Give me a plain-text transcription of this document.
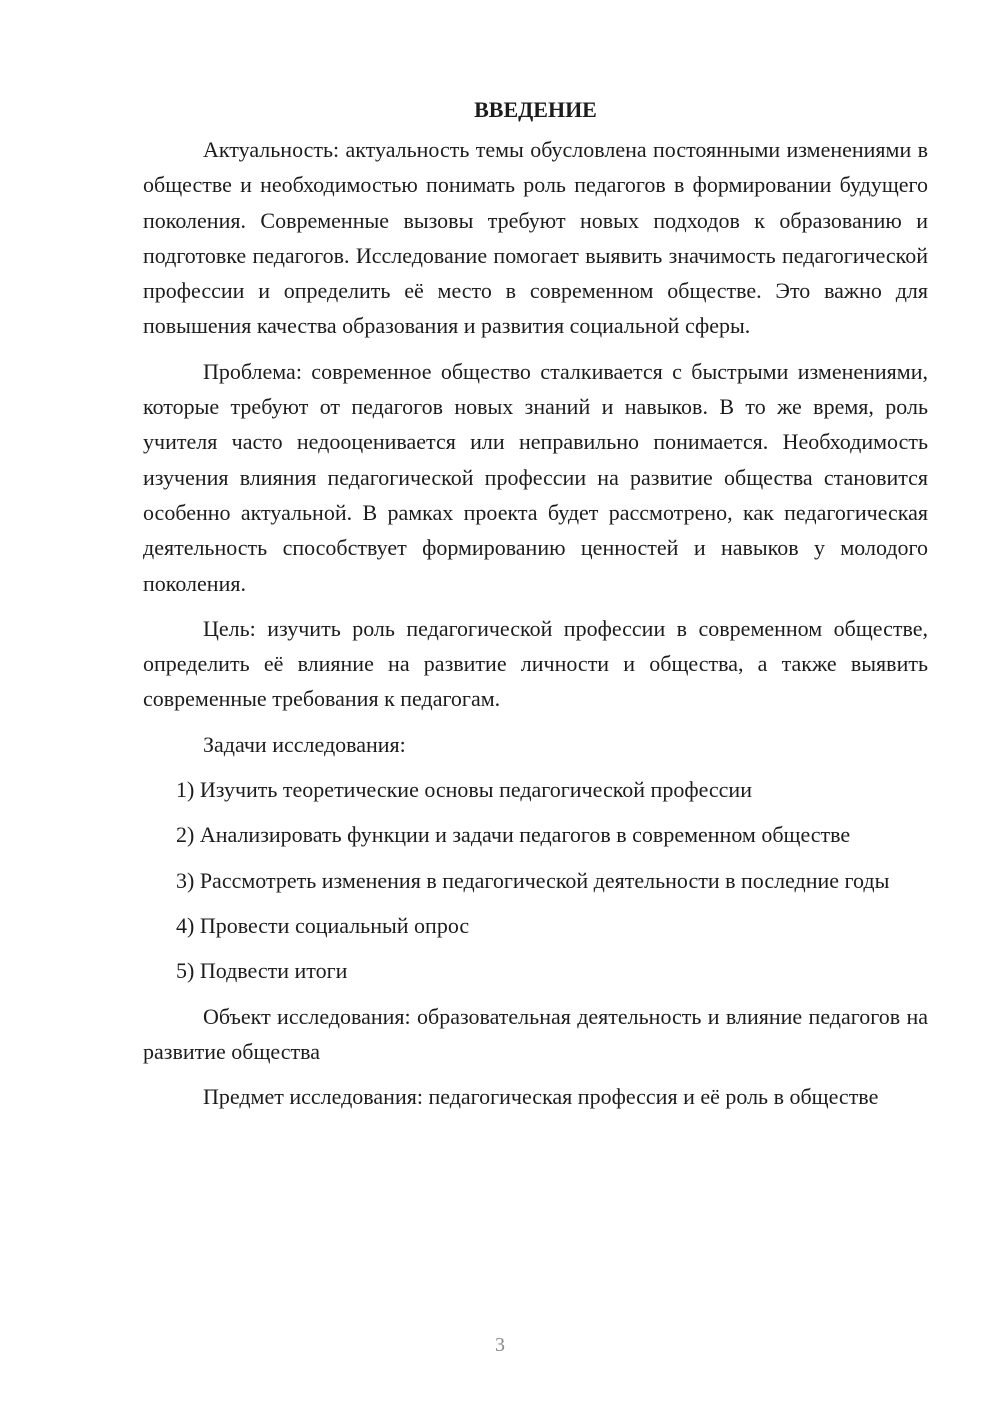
ВВЕДЕНИЕ

Актуальность: актуальность темы обусловлена постоянными изменениями в обществе и необходимостью понимать роль педагогов в формировании будущего поколения. Современные вызовы требуют новых подходов к образованию и подготовке педагогов. Исследование помогает выявить значимость педагогической профессии и определить её место в современном обществе. Это важно для повышения качества образования и развития социальной сферы.

Проблема: современное общество сталкивается с быстрыми изменениями, которые требуют от педагогов новых знаний и навыков. В то же время, роль учителя часто недооценивается или неправильно понимается. Необходимость изучения влияния педагогической профессии на развитие общества становится особенно актуальной. В рамках проекта будет рассмотрено, как педагогическая деятельность способствует формированию ценностей и навыков у молодого поколения.

Цель: изучить роль педагогической профессии в современном обществе, определить её влияние на развитие личности и общества, а также выявить современные требования к педагогам.

Задачи исследования:

1) Изучить теоретические основы педагогической профессии

2) Анализировать функции и задачи педагогов в современном обществе

3) Рассмотреть изменения в педагогической деятельности в последние годы

4) Провести социальный опрос

5) Подвести итоги

Объект исследования: образовательная деятельность и влияние педагогов на развитие общества

Предмет исследования: педагогическая профессия и её роль в обществе

3
